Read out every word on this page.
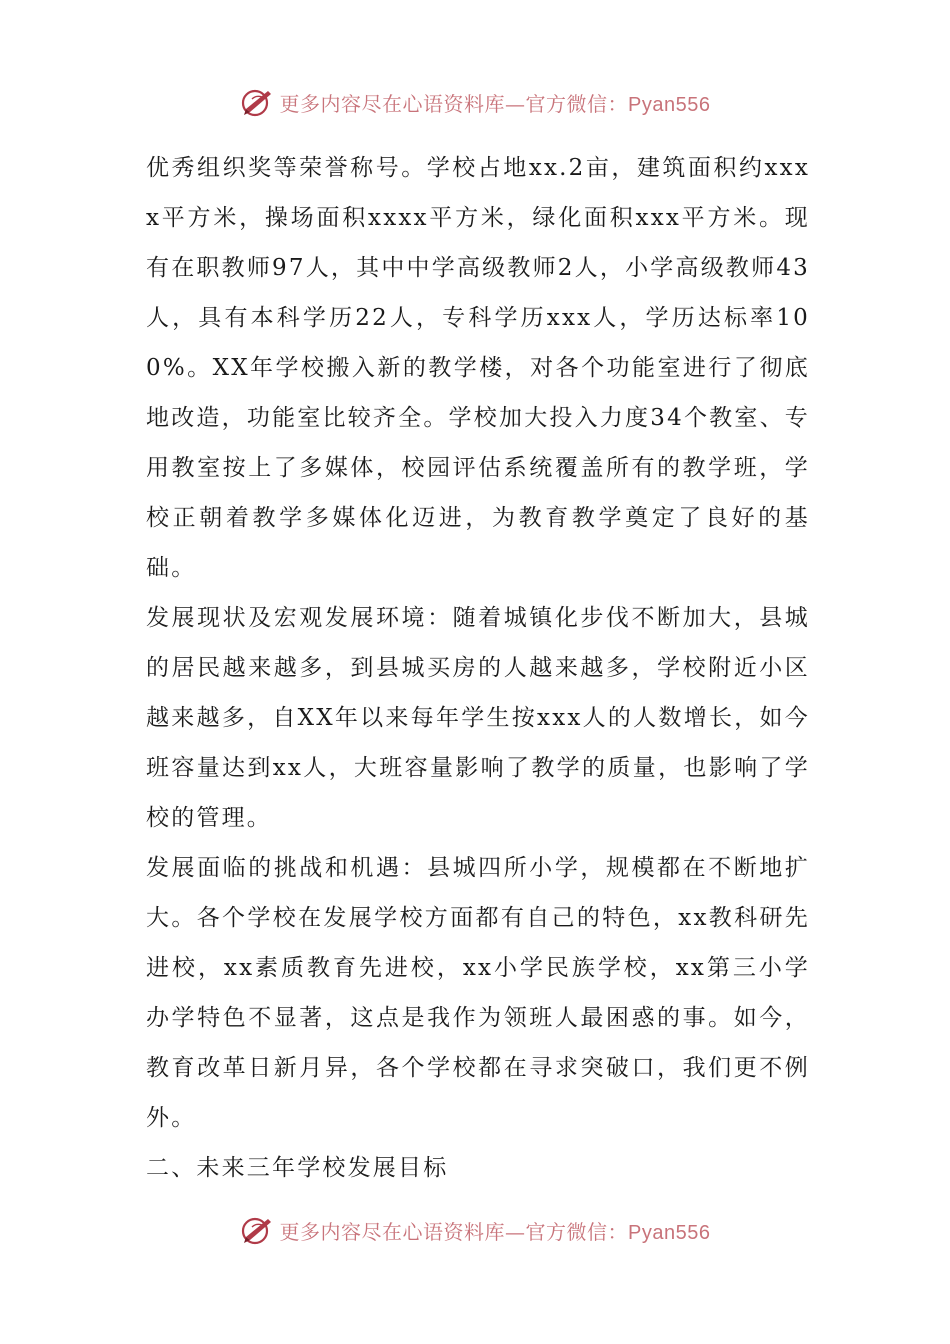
更多内容尽在心语资料库—官方微信：Pyan556

优秀组织奖等荣誉称号。学校占地xx.2亩，建筑面积约xxxx平方米，操场面积xxxx平方米，绿化面积xxx平方米。现有在职教师97人，其中中学高级教师2人，小学高级教师43人，具有本科学历22人，专科学历xxx人，学历达标率100%。XX年学校搬入新的教学楼，对各个功能室进行了彻底地改造，功能室比较齐全。学校加大投入力度34个教室、专用教室按上了多媒体，校园评估系统覆盖所有的教学班，学校正朝着教学多媒体化迈进，为教育教学奠定了良好的基础。

发展现状及宏观发展环境：随着城镇化步伐不断加大，县城的居民越来越多，到县城买房的人越来越多，学校附近小区越来越多，自XX年以来每年学生按xxx人的人数增长，如今班容量达到xx人，大班容量影响了教学的质量，也影响了学校的管理。

发展面临的挑战和机遇：县城四所小学，规模都在不断地扩大。各个学校在发展学校方面都有自己的特色，xx教科研先进校，xx素质教育先进校，xx小学民族学校，xx第三小学办学特色不显著，这点是我作为领班人最困惑的事。如今，教育改革日新月异，各个学校都在寻求突破口，我们更不例外。

二、未来三年学校发展目标

更多内容尽在心语资料库—官方微信：Pyan556
